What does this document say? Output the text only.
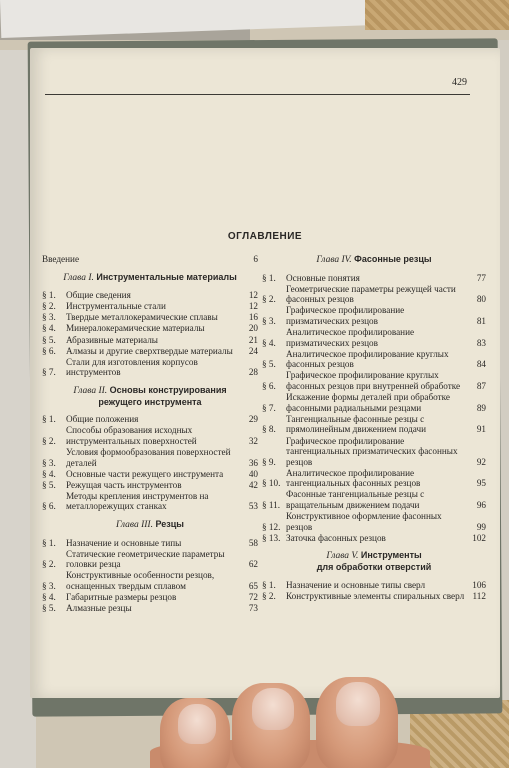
429
ОГЛАВЛЕНИЕ
Введение	6
Глава I. Инструментальные материалы
§ 1.	Общие сведения	12
§ 2.	Инструментальные стали	12
§ 3.	Твердые металлокерамические сплавы	16
§ 4.	Минералокерамические материалы	20
§ 5.	Абразивные материалы	21
§ 6.	Алмазы и другие сверхтвердые материалы	24
§ 7.
Стали для изготовления корпусов инструментов	28
Глава II. Основы конструирования
режущего инструмента
§ 1.	Общие положения	29
§ 2.
Способы образования исходных инструментальных поверхностей	32
§ 3.
Условия формообразования поверхностей деталей	36
§ 4.	Основные части режущего инструмента	40
§ 5.	Режущая часть инструментов	42
§ 6.
Методы крепления инструментов на металлорежущих станках	53
Глава III. Резцы
§ 1.	Назначение и основные типы	58
§ 2.
Статические геометрические параметры головки резца	62
§ 3.
Конструктивные особенности резцов, оснащенных твердым сплавом	65
§ 4.	Габаритные размеры резцов	72
§ 5.	Алмазные резцы	73
Глава IV. Фасонные резцы
§ 1.	Основные понятия	77
§ 2.
Геометрические параметры режущей части фасонных резцов	80
§ 3.
Графическое профилирование призматических резцов	81
§ 4.
Аналитическое профилирование призматических резцов	83
§ 5.
Аналитическое профилирование круглых фасонных резцов	84
§ 6.
Графическое профилирование круглых фасонных резцов при внутренней обработке	87
§ 7.
Искажение формы деталей при обработке фасонными радиальными резцами	89
§ 8.
Тангенциальные фасонные резцы с прямолинейным движением подачи	91
§ 9.
Графическое профилирование тангенциальных призматических фасонных резцов	92
§ 10.
Аналитическое профилирование тангенциальных фасонных резцов	95
§ 11.
Фасонные тангенциальные резцы с вращательным движением подачи	96
§ 12.
Конструктивное оформление фасонных резцов	99
§ 13. Заточка фасонных резцов	102
Глава V. Инструменты
для обработки отверстий
§ 1.	Назначение и основные типы сверл	106
§ 2.	Конструктивные элементы спиральных сверл 112
